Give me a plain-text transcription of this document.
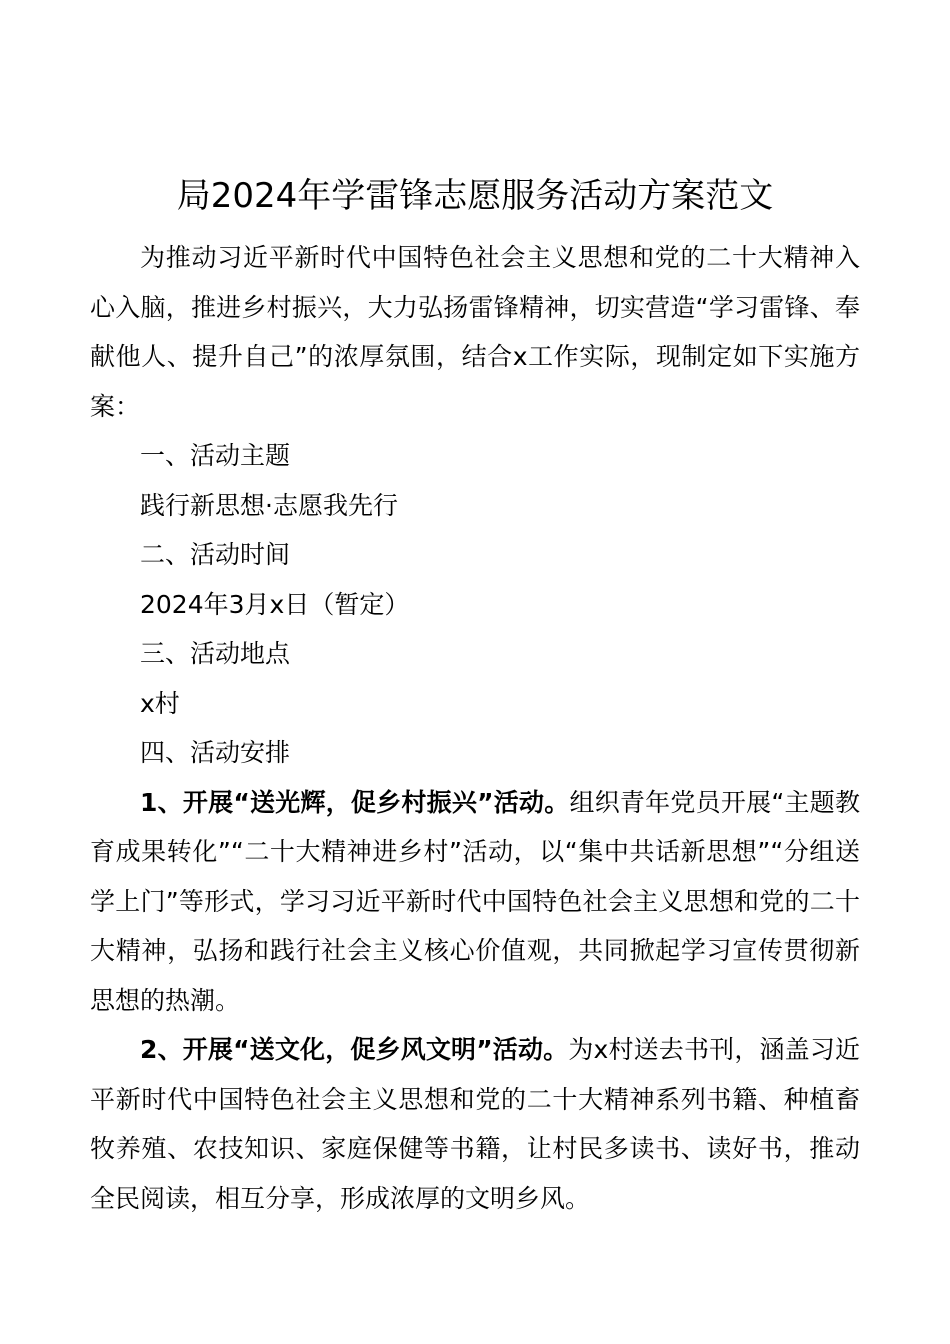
局2024年学雷锋志愿服务活动方案范文

为推动习近平新时代中国特色社会主义思想和党的二十大精神入心入脑，推进乡村振兴，大力弘扬雷锋精神，切实营造“学习雷锋、奉献他人、提升自己”的浓厚氛围，结合x工作实际，现制定如下实施方案：

一、活动主题

践行新思想·志愿我先行

二、活动时间

2024年3月x日（暂定）

三、活动地点

x村

四、活动安排

1、开展“送光辉，促乡村振兴”活动。组织青年党员开展“主题教育成果转化”“二十大精神进乡村”活动，以“集中共话新思想”“分组送学上门”等形式，学习习近平新时代中国特色社会主义思想和党的二十大精神，弘扬和践行社会主义核心价值观，共同掀起学习宣传贯彻新思想的热潮。

2、开展“送文化，促乡风文明”活动。为x村送去书刊，涵盖习近平新时代中国特色社会主义思想和党的二十大精神系列书籍、种植畜牧养殖、农技知识、家庭保健等书籍，让村民多读书、读好书，推动全民阅读，相互分享，形成浓厚的文明乡风。
